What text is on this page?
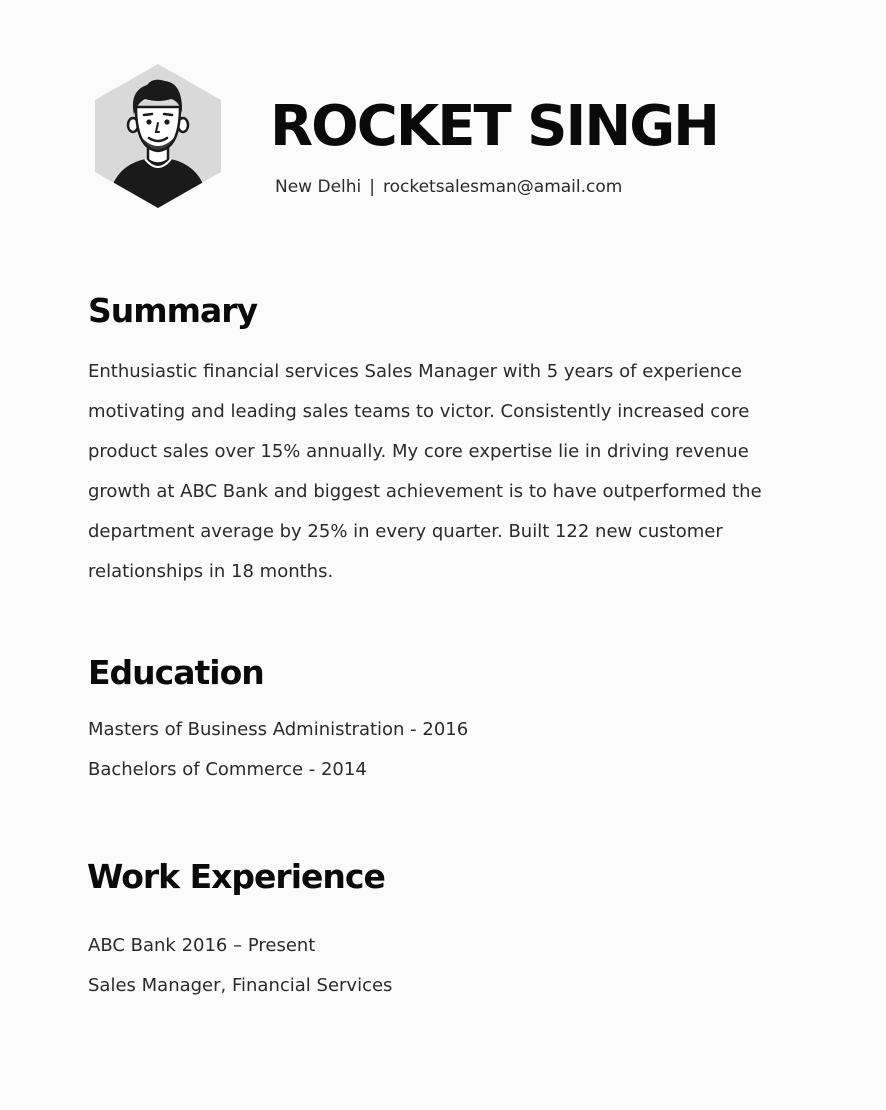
ROCKET SINGH
New Delhi | rocketsalesman@amail.com
Summary

Enthusiastic financial services Sales Manager with 5 years of experience motivating and leading sales teams to victor. Consistently increased core product sales over 15% annually. My core expertise lie in driving revenue growth at ABC Bank and biggest achievement is to have outperformed the department average by 25% in every quarter. Built 122 new customer relationships in 18 months.

Education
Masters of Business Administration - 2016
Bachelors of Commerce - 2014
Work Experience
ABC Bank 2016 – Present
Sales Manager, Financial Services
